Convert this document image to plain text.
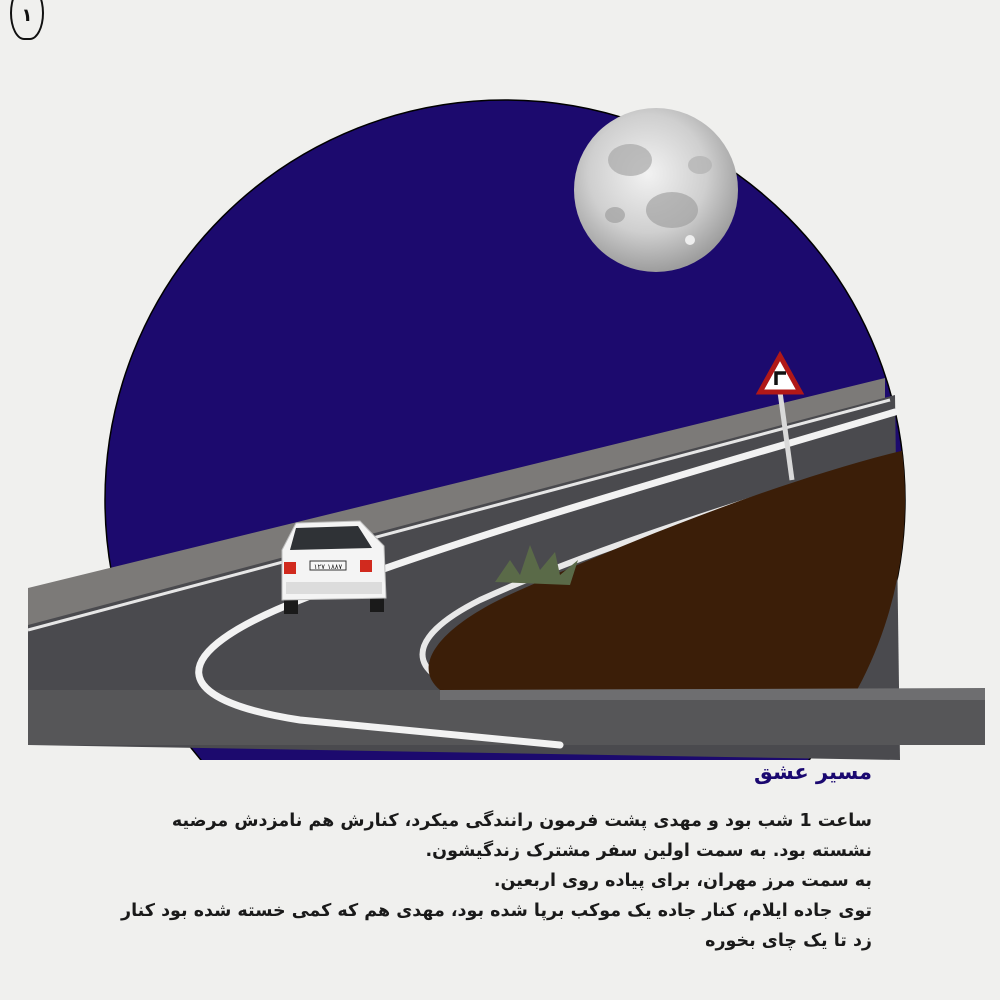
۱
۱۲۷ ۱۸۸۷
مسیر عشق

ساعت 1 شب بود و مهدی پشت فرمون رانندگی میکرد، کنارش هم نامزدش مرضیه نشسته بود. به سمت اولین سفر مشترک زندگیشون.

به سمت مرز مهران، برای پیاده روی اربعین.

توی جاده ایلام، کنار جاده یک موکب برپا شده بود، مهدی هم که کمی خسته شده بود کنار زد تا یک چای بخوره
